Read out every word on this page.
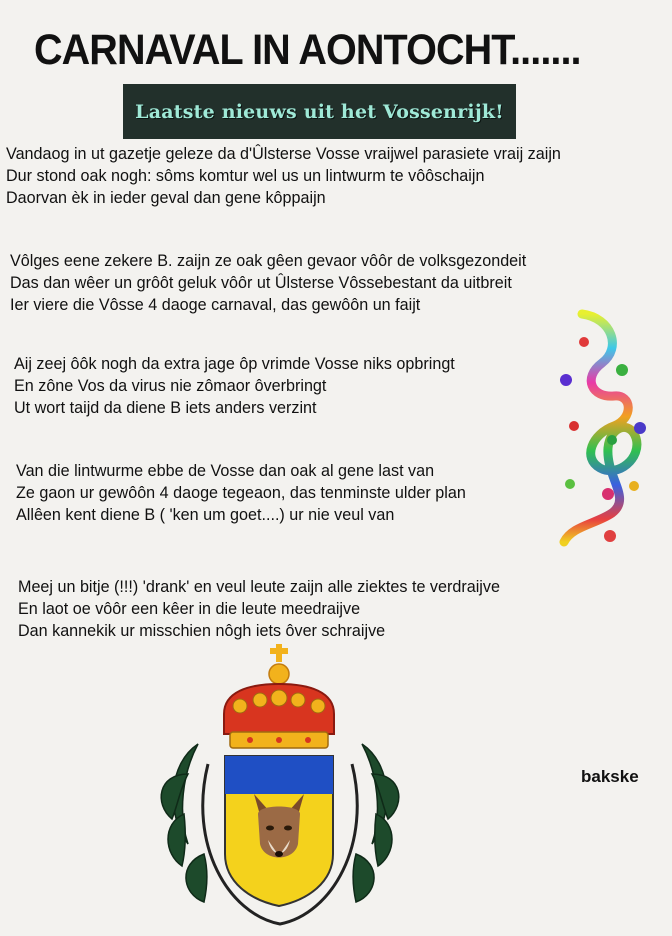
CARNAVAL IN AONTOCHT.......
Laatste nieuws uit het Vossenrijk!
Vandaog in ut gazetje geleze da d'Ûlsterse Vosse vraijwel parasiete vraij zaijn
Dur stond oak nogh: sôms komtur wel us un lintwurm te vôôschaijn
Daorvan èk in ieder geval dan gene kôppaijn
Vôlges eene zekere B. zaijn ze oak gêen gevaor vôôr de volksgezondeit
Das dan wêer un grôôt geluk vôôr ut Ûlsterse Vôssebestant da uitbreit
Ier viere die Vôsse 4 daoge carnaval, das gewôôn un faijt
Aij zeej ôôk nogh da extra jage ôp vrimde Vosse niks opbringt
En zône Vos da virus nie zômaor ôverbringt
Ut wort taijd da diene B iets anders verzint
Van die lintwurme ebbe de Vosse dan oak al gene last van
Ze gaon ur gewôôn 4 daoge tegeaon, das tenminste ulder plan
Allêen kent diene B ( 'ken um goet....) ur nie veul van
Meej un bitje (!!!) 'drank' en veul leute zaijn alle ziektes te verdraijve
En laot oe vôôr een kêer in die leute meedraijve
Dan kannekik ur misschien nôgh iets ôver schraijve
bakske
